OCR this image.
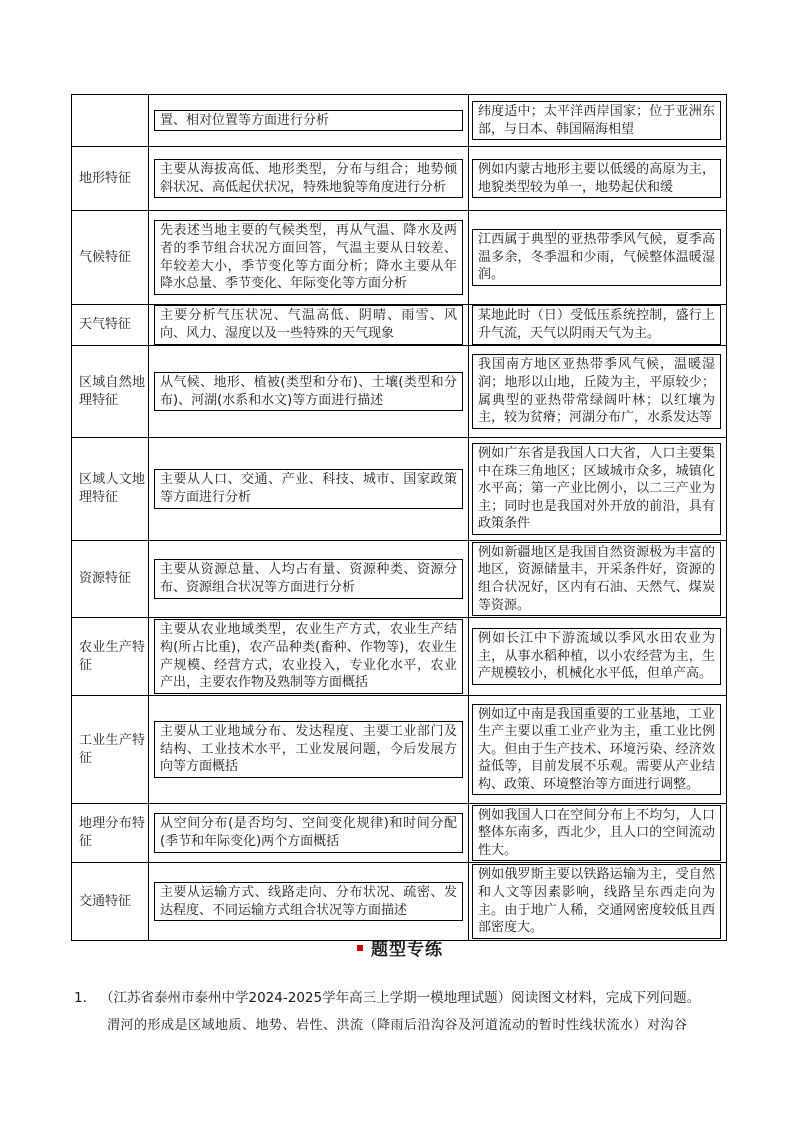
	置、相对位置等方面进行分析	纬度适中；太平洋西岸国家；位于亚洲东部，与日本、韩国隔海相望

地形特征	主要从海拔高低、地形类型，分布与组合；地势倾斜状况、高低起伏状况，特殊地貌等角度进行分析	例如内蒙古地形主要以低缓的高原为主，地貌类型较为单一，地势起伏和缓

气候特征	先表述当地主要的气候类型，再从气温、降水及两者的季节组合状况方面回答，气温主要从日较差、年较差大小，季节变化等方面分析；降水主要从年降水总量、季节变化、年际变化等方面分析	江西属于典型的亚热带季风气候，夏季高温多余，冬季温和少雨，气候整体温暖湿润。

天气特征	主要分析气压状况、气温高低、阴晴、雨雪、风向、风力、湿度以及一些特殊的天气现象	某地此时（日）受低压系统控制，盛行上升气流，天气以阴雨天气为主。

区域自然地理特征	从气候、地形、植被(类型和分布)、土壤(类型和分布)、河湖(水系和水文)等方面进行描述	我国南方地区亚热带季风气候，温暖湿润；地形以山地，丘陵为主，平原较少；属典型的亚热带常绿阔叶林；以红壤为主，较为贫瘠；河湖分布广，水系发达等

区域人文地理特征	主要从人口、交通、产业、科技、城市、国家政策等方面进行分析	例如广东省是我国人口大省，人口主要集中在珠三角地区；区域城市众多，城镇化水平高；第一产业比例小，以二三产业为主；同时也是我国对外开放的前沿，具有政策条件

资源特征	主要从资源总量、人均占有量、资源种类、资源分布、资源组合状况等方面进行分析	例如新疆地区是我国自然资源极为丰富的地区，资源储量丰，开采条件好，资源的组合状况好，区内有石油、天然气、煤炭等资源。

农业生产特征	主要从农业地域类型，农业生产方式，农业生产结构(所占比重)，农产品种类(畜种、作物等)，农业生产规模、经营方式，农业投入，专业化水平，农业产出，主要农作物及熟制等方面概括	例如长江中下游流域以季风水田农业为主，从事水稻种植，以小农经营为主，生产规模较小，机械化水平低，但单产高。

工业生产特征	主要从工业地域分布、发达程度、主要工业部门及结构、工业技术水平，工业发展问题，今后发展方向等方面概括	例如辽中南是我国重要的工业基地，工业生产主要以重工业产业为主，重工业比例大。但由于生产技术、环境污染、经济效益低等，目前发展不乐观。需要从产业结构、政策、环境整治等方面进行调整。

地理分布特征	从空间分布(是否均匀、空间变化规律)和时间分配(季节和年际变化)两个方面概括	例如我国人口在空间分布上不均匀，人口整体东南多，西北少，且人口的空间流动性大。

交通特征	主要从运输方式、线路走向、分布状况、疏密、发达程度、不同运输方式组合状况等方面描述	例如俄罗斯主要以铁路运输为主，受自然和人文等因素影响，线路呈东西走向为主。由于地广人稀，交通网密度较低且西部密度大。
题型专练
1. （江苏省泰州市泰州中学2024-2025学年高三上学期一模地理试题）阅读图文材料，完成下列问题。
渭河的形成是区域地质、地势、岩性、洪流（降雨后沿沟谷及河道流动的暂时性线状流水）对沟谷
